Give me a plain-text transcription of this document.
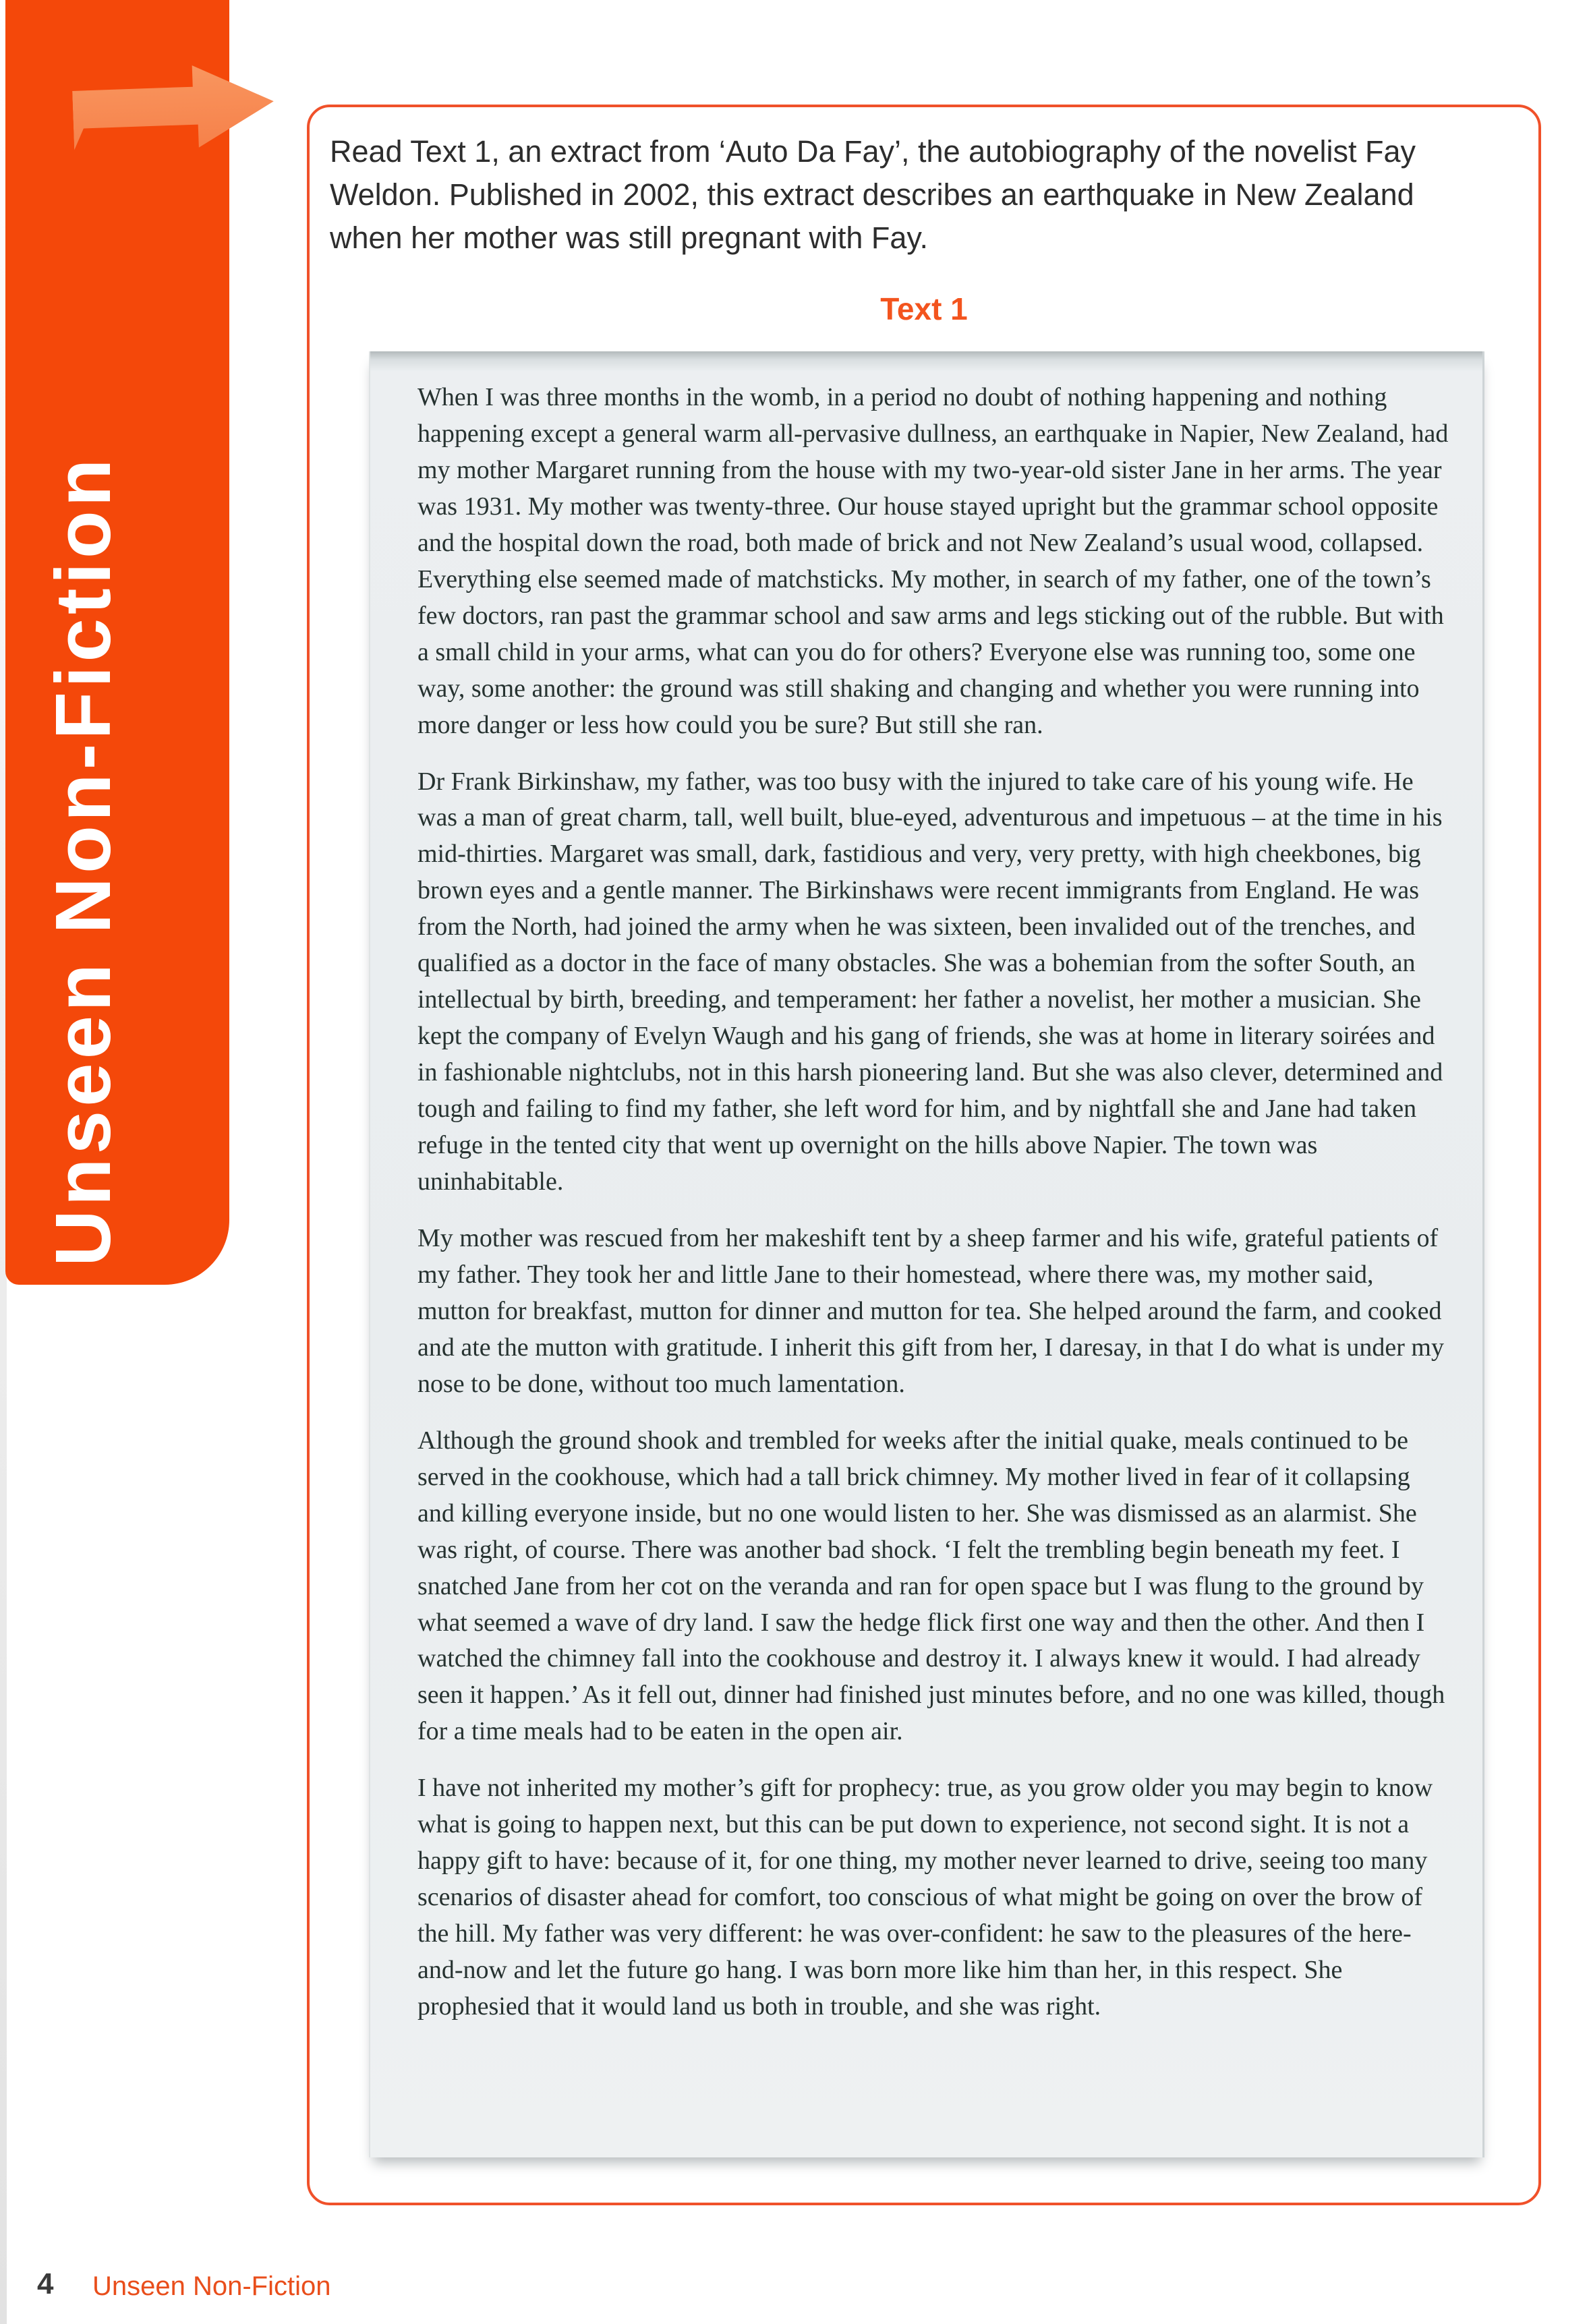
Unseen Non-Fiction
Read Text 1, an extract from ‘Auto Da Fay’, the autobiography of the novelist Fay Weldon. Published in 2002, this extract describes an earthquake in New Zealand when her mother was still pregnant with Fay.
Text 1

When I was three months in the womb, in a period no doubt of nothing happening and nothing happening except a general warm all-pervasive dullness, an earthquake in Napier, New Zealand, had my mother Margaret running from the house with my two-year-old sister Jane in her arms. The year was 1931. My mother was twenty-three. Our house stayed upright but the grammar school opposite and the hospital down the road, both made of brick and not New Zealand’s usual wood, collapsed. Everything else seemed made of matchsticks. My mother, in search of my father, one of the town’s few doctors, ran past the grammar school and saw arms and legs sticking out of the rubble. But with a small child in your arms, what can you do for others? Everyone else was running too, some one way, some another: the ground was still shaking and changing and whether you were running into more danger or less how could you be sure? But still she ran.

Dr Frank Birkinshaw, my father, was too busy with the injured to take care of his young wife. He was a man of great charm, tall, well built, blue-eyed, adventurous and impetuous – at the time in his mid-thirties. Margaret was small, dark, fastidious and very, very pretty, with high cheekbones, big brown eyes and a gentle manner. The Birkinshaws were recent immigrants from England. He was from the North, had joined the army when he was sixteen, been invalided out of the trenches, and qualified as a doctor in the face of many obstacles. She was a bohemian from the softer South, an intellectual by birth, breeding, and temperament: her father a novelist, her mother a musician. She kept the company of Evelyn Waugh and his gang of friends, she was at home in literary soirées and in fashionable nightclubs, not in this harsh pioneering land. But she was also clever, determined and tough and failing to find my father, she left word for him, and by nightfall she and Jane had taken refuge in the tented city that went up overnight on the hills above Napier. The town was uninhabitable.

My mother was rescued from her makeshift tent by a sheep farmer and his wife, grateful patients of my father. They took her and little Jane to their homestead, where there was, my mother said, mutton for breakfast, mutton for dinner and mutton for tea. She helped around the farm, and cooked and ate the mutton with gratitude. I inherit this gift from her, I daresay, in that I do what is under my nose to be done, without too much lamentation.

Although the ground shook and trembled for weeks after the initial quake, meals continued to be served in the cookhouse, which had a tall brick chimney. My mother lived in fear of it collapsing and killing everyone inside, but no one would listen to her. She was dismissed as an alarmist. She was right, of course. There was another bad shock. ‘I felt the trembling begin beneath my feet. I snatched Jane from her cot on the veranda and ran for open space but I was flung to the ground by what seemed a wave of dry land. I saw the hedge flick first one way and then the other. And then I watched the chimney fall into the cookhouse and destroy it. I always knew it would. I had already seen it happen.’ As it fell out, dinner had finished just minutes before, and no one was killed, though for a time meals had to be eaten in the open air.

I have not inherited my mother’s gift for prophecy: true, as you grow older you may begin to know what is going to happen next, but this can be put down to experience, not second sight. It is not a happy gift to have: because of it, for one thing, my mother never learned to drive, seeing too many scenarios of disaster ahead for comfort, too conscious of what might be going on over the brow of the hill. My father was very different: he was over-confident: he saw to the pleasures of the here-and-now and let the future go hang. I was born more like him than her, in this respect. She prophesied that it would land us both in trouble, and she was right.

4 Unseen Non-Fiction
